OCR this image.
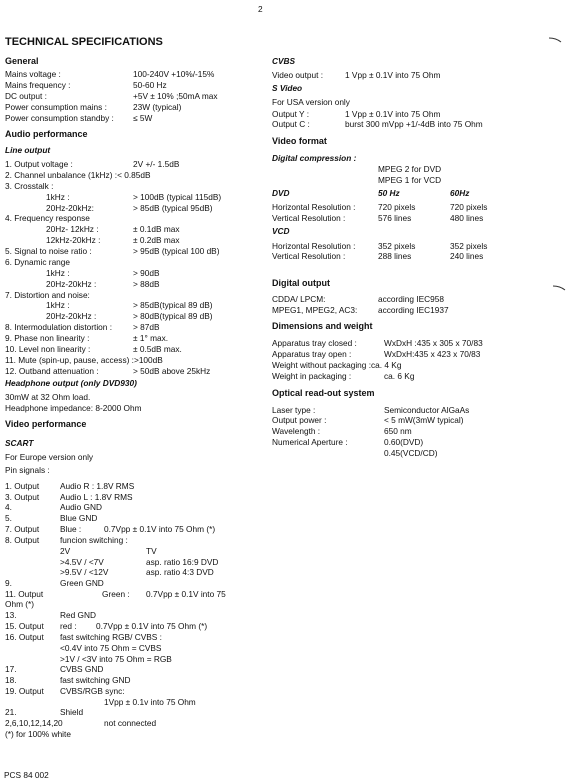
2
PCS 84 002
TECHNICAL SPECIFICATIONS
General
Mains voltage :	100-240V +10%/-15%
Mains frequency :	50-60 Hz
DC output :	+5V ± 10% ;50mA max
Power consumption mains :	23W (typical)
Power consumption standby : ≤ 5W
Audio performance
Line output
1. Output voltage :	2V +/- 1.5dB
2. Channel unbalance (1kHz) :< 0.85dB
3. Crosstalk :
1kHz :	> 100dB (typical 115dB)
20Hz-20kHz:	> 85dB (typical 95dB)
4. Frequency response
20Hz- 12kHz :	± 0.1dB max
12kHz-20kHz :	± 0.2dB max
5. Signal to noise ratio :	> 95dB (typical 100 dB)
6. Dynamic range
1kHz :	> 90dB
20Hz-20kHz :	> 88dB
7. Distortion and noise:
1kHz :	> 85dB(typical 89 dB)
20Hz-20kHz :	> 80dB(typical 89 dB)
8. Intermodulation distortion :	> 87dB
9. Phase non linearity :	± 1° max.
10. Level non linearity :	± 0.5dB max.
11. Mute (spin-up, pause, access) :>100dB
12. Outband attenuation :	> 50dB above 25kHz
Headphone output (only DVD930)
30mW at 32 Ohm load.
Headphone impedance: 8-2000 Ohm
Video performance
SCART
For Europe version only
Pin signals :
1. Output	Audio R : 1.8V RMS
3. Output	Audio L : 1.8V RMS
4.	Audio GND
5.	Blue GND
7. Output	Blue :	0.7Vpp ± 0.1V into 75 Ohm (*)
8. Output	funcion switching :
2V	TV
>4.5V / <7V	asp. ratio 16:9 DVD
>9.5V / <12V	asp. ratio 4:3 DVD
9.	Green GND
11. Output	Green : 0.7Vpp ± 0.1V into 75
Ohm (*)
13.	Red GND
15. Output red : 0.7Vpp ± 0.1V into 75 Ohm (*)
16. Output fast switching RGB/ CVBS :
<0.4V into 75 Ohm = CVBS
>1V / <3V into 75 Ohm = RGB
17.	CVBS GND
18.	fast switching GND
19. Output CVBS/RGB sync:
1Vpp ± 0.1v into 75 Ohm
21.	Shield
2,6,10,12,14,20	not connected
(*) for 100% white
CVBS
Video output :	1 Vpp ± 0.1V into 75 Ohm
S Video
For USA version only
Output Y :	1 Vpp ± 0.1V into 75 Ohm
Output C :	burst 300 mVpp +1/-4dB into 75 Ohm
Video format
Digital compression :
MPEG 2 for DVD
MPEG 1 for VCD
DVD	50 Hz	60Hz
Horizontal Resolution :	720 pixels	720 pixels
Vertical Resolution :	576 lines	480 lines
VCD
Horizontal Resolution :	352 pixels	352 pixels
Vertical Resolution :	288 lines	240 lines
Digital output
CDDA/ LPCM:	according IEC958
MPEG1, MPEG2, AC3: according IEC1937
Dimensions and weight
Apparatus tray closed :	WxDxH :435 x 305 x 70/83
Apparatus tray open :	WxDxH:435 x 423 x 70/83
Weight without packaging :ca. 4 Kg
Weight in packaging :	ca. 6 Kg
Optical read-out system
Laser type :	Semiconductor AlGaAs
Output power :	< 5 mW(3mW typical)
Wavelength :	650 nm
Numerical Aperture :	0.60(DVD)
0.45(VCD/CD)
